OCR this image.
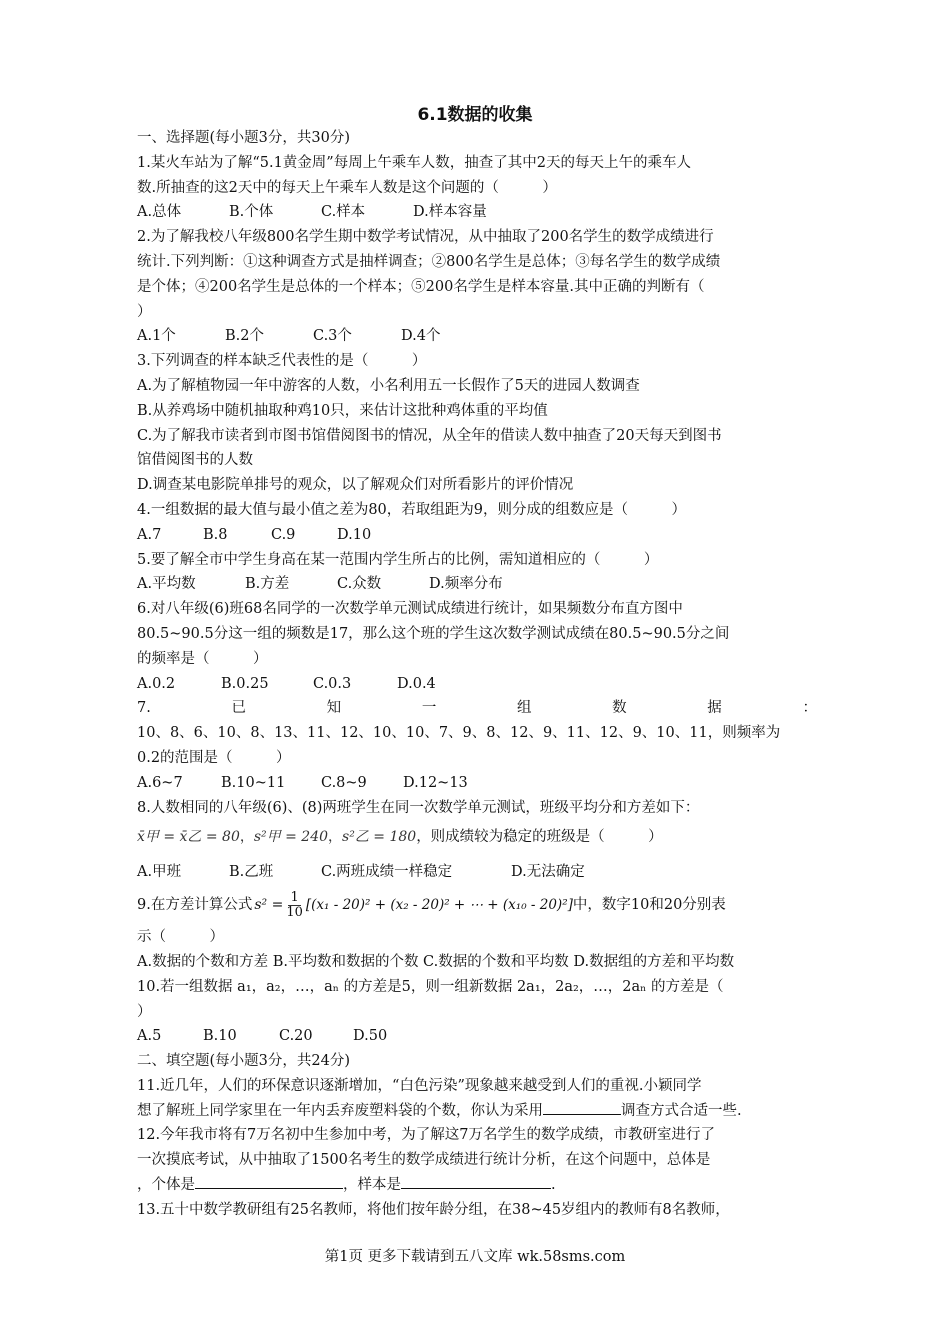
6.1数据的收集
一、选择题(每小题3分，共30分)
1.某火车站为了解“5.1黄金周”每周上午乘车人数，抽查了其中2天的每天上午的乘车人
数.所抽查的这2天中的每天上午乘车人数是这个问题的（　　　）
A.总体	B.个体	C.样本	D.样本容量
2.为了解我校八年级800名学生期中数学考试情况，从中抽取了200名学生的数学成绩进行
统计.下列判断：①这种调查方式是抽样调查；②800名学生是总体；③每名学生的数学成绩
是个体；④200名学生是总体的一个样本；⑤200名学生是样本容量.其中正确的判断有（
）
A.1个	B.2个	C.3个	D.4个
3.下列调查的样本缺乏代表性的是（　　　）
A.为了解植物园一年中游客的人数，小名利用五一长假作了5天的进园人数调查
B.从养鸡场中随机抽取种鸡10只，来估计这批种鸡体重的平均值
C.为了解我市读者到市图书馆借阅图书的情况，从全年的借读人数中抽查了20天每天到图书
馆借阅图书的人数
D.调查某电影院单排号的观众，以了解观众们对所看影片的评价情况
4.一组数据的最大值与最小值之差为80，若取组距为9，则分成的组数应是（　　　）
A.7	B.8	C.9	D.10
5.要了解全市中学生身高在某一范围内学生所占的比例，需知道相应的（　　　）
A.平均数	B.方差	C.众数	D.频率分布
6.对八年级(6)班68名同学的一次数学单元测试成绩进行统计，如果频数分布直方图中
80.5~90.5分这一组的频数是17，那么这个班的学生这次数学测试成绩在80.5~90.5分之间
的频率是（　　　）
A.0.2	B.0.25	C.0.3	D.0.4
7.	已	知	一	组	数	据	：
10、8、6、10、8、13、11、12、10、10、7、9、8、12、9、11、12、9、10、11，则频率为
0.2的范围是（　　　）
A.6~7	B.10~11 C.8~9 D.12~13
8.人数相同的八年级(6)、(8)两班学生在同一次数学单元测试，班级平均分和方差如下：
x̄甲 = x̄乙 = 80 ， s²甲 = 240 ， s²乙 = 180 ，则成绩较为稳定的班级是（　　　）
A.甲班	B.乙班	C.两班成绩一样稳定	D.无法确定
9.在方差计算公式 $s^2 = \frac{1}{10} [(x_1 - 20)^2 + (x_2 - 20)^2$ + ⋯ + (x₁₀ - 20)²] 中，数字10和20分别表
示（　　　）
A.数据的个数和方差 B.平均数和数据的个数 C.数据的个数和平均数 D.数据组的方差和平均数
10.若一组数据 a₁，a₂，…，aₙ 的方差是5，则一组新数据 2a₁，2a₂，…，2aₙ 的方差是（
）
A.5	B.10	C.20	D.50
二、填空题(每小题3分，共24分)
11.近几年，人们的环保意识逐渐增加，“白色污染”现象越来越受到人们的重视.小颖同学
想了解班上同学家里在一年内丢弃废塑料袋的个数，你认为采用	调查方式合适一些.
12.今年我市将有7万名初中生参加中考，为了解这7万名学生的数学成绩，市教研室进行了
一次摸底考试，从中抽取了1500名考生的数学成绩进行统计分析，在这个问题中，总体是
，个体是	，样本是	.
13.五十中数学教研组有25名教师，将他们按年龄分组，在38~45岁组内的教师有8名教师，
第1页 更多下载请到五八文库 wk.58sms.com
